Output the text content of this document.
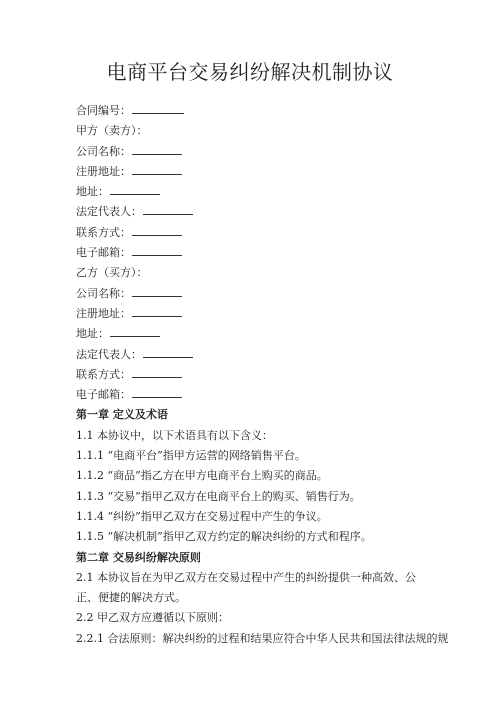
电商平台交易纠纷解决机制协议

合同编号：

甲方（卖方）：

公司名称：

注册地址：

地址：

法定代表人：

联系方式：

电子邮箱：

乙方（买方）：

公司名称：

注册地址：

地址：

法定代表人：

联系方式：

电子邮箱：

第一章 定义及术语

1.1 本协议中，以下术语具有以下含义：

1.1.1 “电商平台”指甲方运营的网络销售平台。

1.1.2 “商品”指乙方在甲方电商平台上购买的商品。

1.1.3 “交易”指甲乙双方在电商平台上的购买、销售行为。

1.1.4 “纠纷”指甲乙双方在交易过程中产生的争议。

1.1.5 “解决机制”指甲乙双方约定的解决纠纷的方式和程序。

第二章 交易纠纷解决原则

2.1 本协议旨在为甲乙双方在交易过程中产生的纠纷提供一种高效、公正、便捷的解决方式。

2.2 甲乙双方应遵循以下原则：

2.2.1 合法原则：解决纠纷的过程和结果应符合中华人民共和国法律法规的规
